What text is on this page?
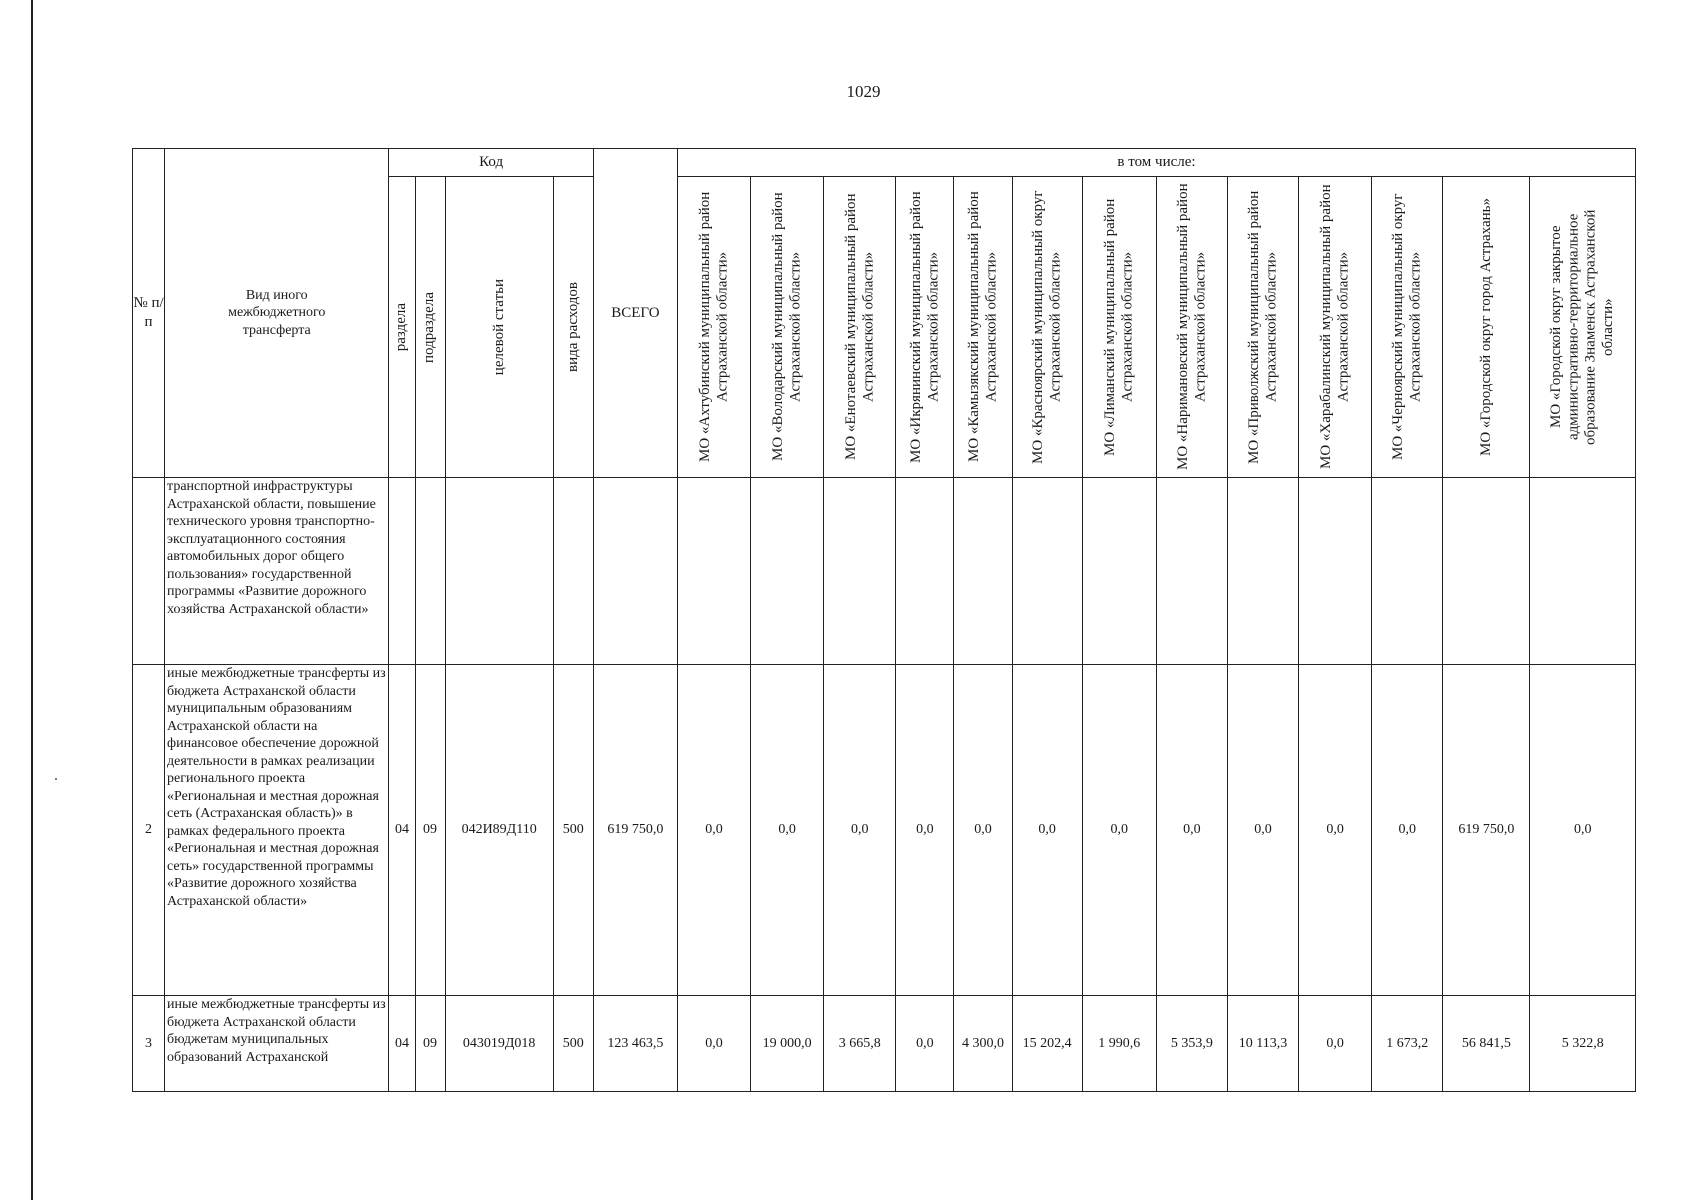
1029
№ п/п	Вид иного межбюджетного трансферта	Код				ВСЕГО	в том числе:												

		раздела	подраздела	целевой статьи	вида расходов		МО «Ахтубинский муниципальный район Астраханской области»	МО «Володарский муниципальный район Астраханской области»	МО «Енотаевский муниципальный район Астраханской области»	МО «Икрянинский муниципальный район Астраханской области»	МО «Камызякский муниципальный район Астраханской области»	МО «Красноярский муниципальный округ Астраханской области»	МО «Лиманский муниципальный район Астраханской области»	МО «Наримановский муниципальный район Астраханской области»	МО «Приволжский муниципальный район Астраханской области»	МО «Харабалинский муниципальный район Астраханской области»	МО «Черноярский муниципальный округ Астраханской области»	МО «Городской округ город Астрахань»	МО «Городской округ закрытое административно-территориальное образование Знаменск Астраханской области»

	транспортной инфраструктуры Астраханской области, повышение технического уровня транспортно-эксплуатационного состояния автомобильных дорог общего пользования» государственной программы «Развитие дорожного хозяйства Астраханской области»																		
2	иные межбюджетные трансферты из бюджета Астраханской области муниципальным образованиям Астраханской области на финансовое обеспечение дорожной деятельности в рамках реализации регионального проекта «Региональная и местная дорожная сеть (Астраханская область)» в рамках федерального проекта «Региональная и местная дорожная сеть» государственной программы «Развитие дорожного хозяйства Астраханской области»	04	09	042И89Д110	500	619 750,0	0,0	0,0	0,0	0,0	0,0	0,0	0,0	0,0	0,0	0,0	0,0	619 750,0	0,0
3	иные межбюджетные трансферты из бюджета Астраханской области бюджетам муниципальных образований Астраханской	04	09	043019Д018	500	123 463,5	0,0	19 000,0	3 665,8	0,0	4 300,0	15 202,4	1 990,6	5 353,9	10 113,3	0,0	1 673,2	56 841,5	5 322,8
